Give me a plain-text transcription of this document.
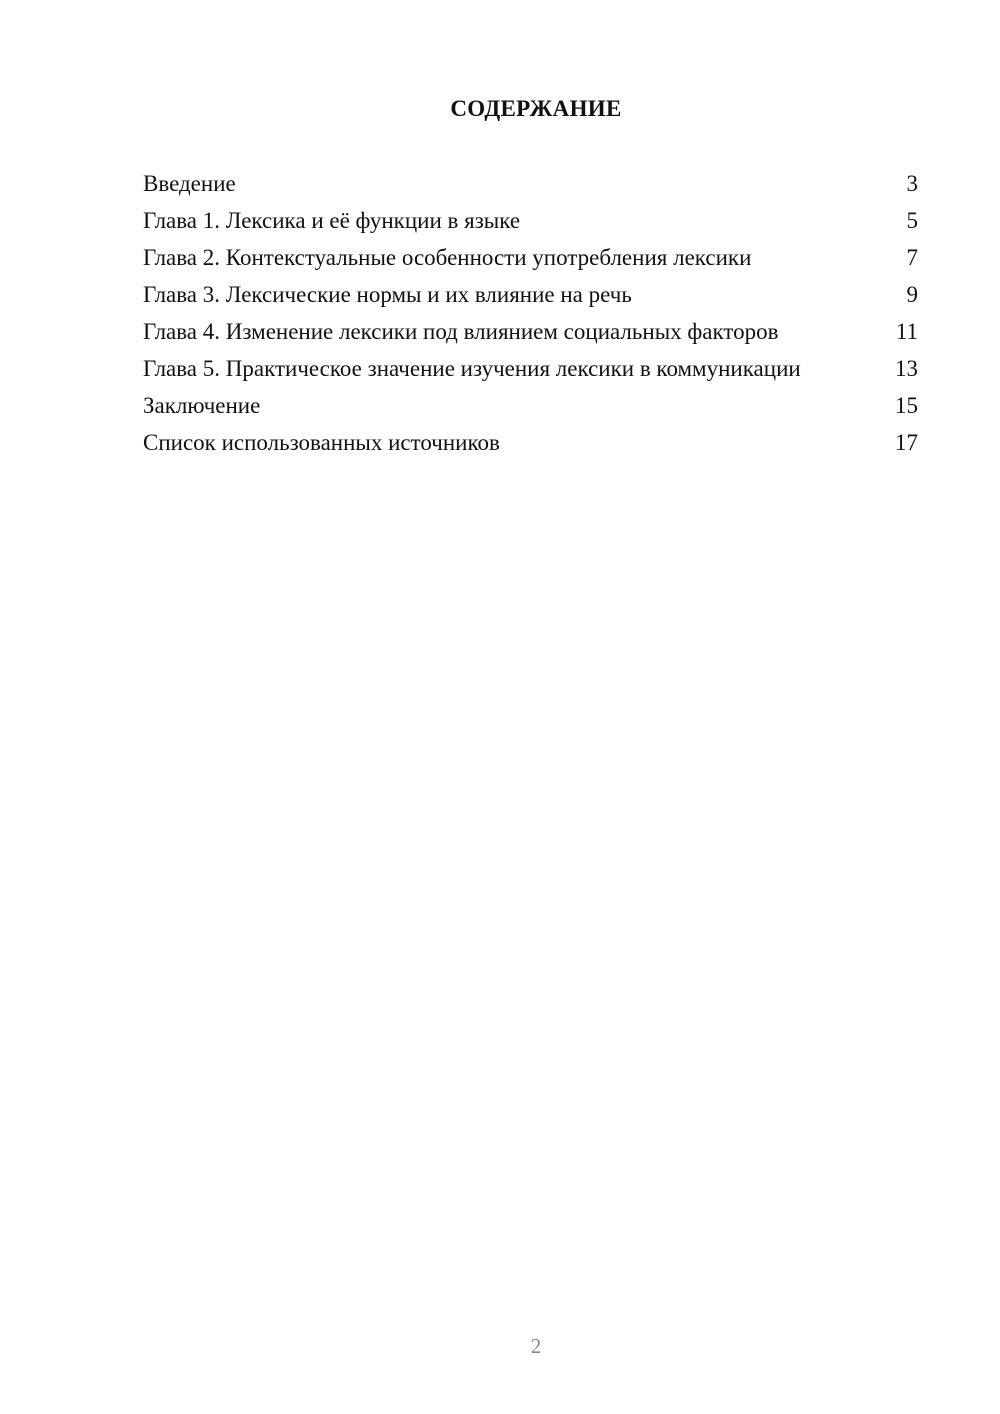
СОДЕРЖАНИЕ
Введение	3
Глава 1. Лексика и её функции в языке	5
Глава 2. Контекстуальные особенности употребления лексики	7
Глава 3. Лексические нормы и их влияние на речь	9
Глава 4. Изменение лексики под влиянием социальных факторов	11
Глава 5. Практическое значение изучения лексики в коммуникации	13
Заключение	15
Список использованных источников	17
2
